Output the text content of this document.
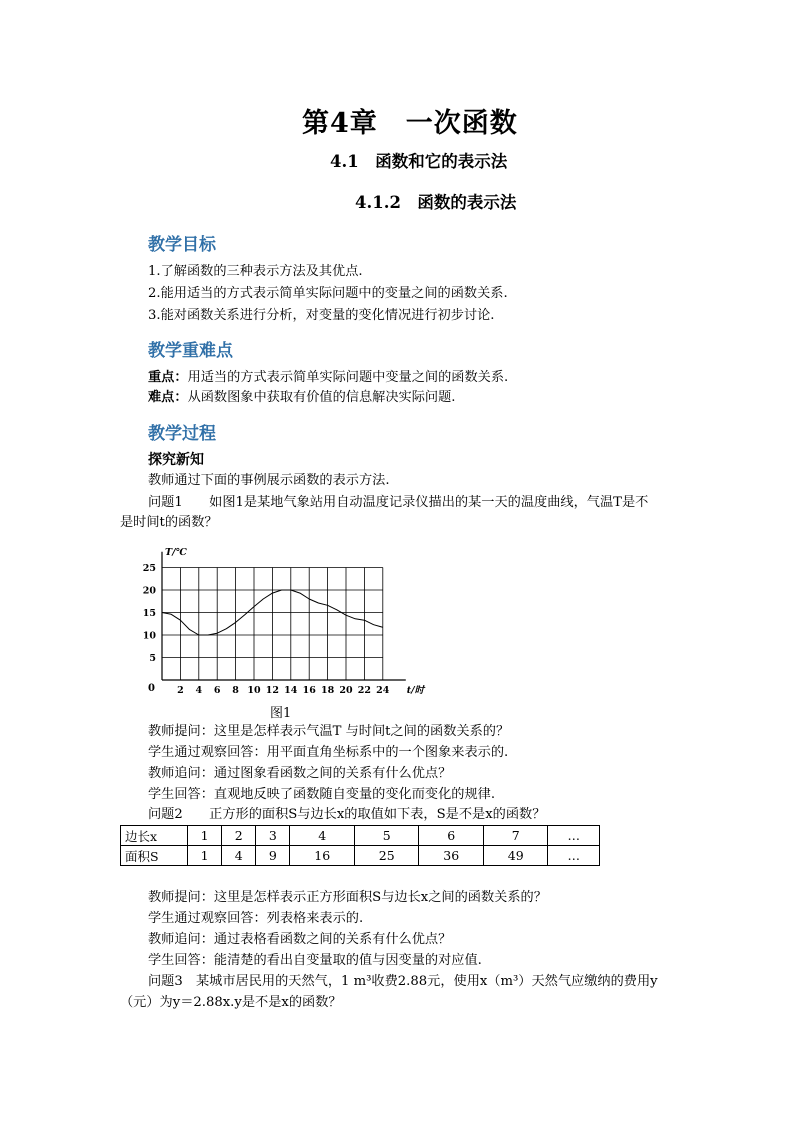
第4章　一次函数
4.1　函数和它的表示法
4.1.2　函数的表示法
教学目标
1.了解函数的三种表示方法及其优点.
2.能用适当的方式表示简单实际问题中的变量之间的函数关系.
3.能对函数关系进行分析，对变量的变化情况进行初步讨论.
教学重难点
重点：用适当的方式表示简单实际问题中变量之间的函数关系.
难点：从函数图象中获取有价值的信息解决实际问题.
教学过程
探究新知
教师通过下面的事例展示函数的表示方法.
问题1　　如图1是某地气象站用自动温度记录仪描出的某一天的温度曲线，气温T是不
是时间t的函数？
2 4 6 8 10 12 14 16 18 20 22 24
5
10
15
20
25
0	t/时
T/℃
图1
教师提问：这里是怎样表示气温T 与时间t之间的函数关系的？
学生通过观察回答：用平面直角坐标系中的一个图象来表示的.
教师追问：通过图象看函数之间的关系有什么优点？
学生回答：直观地反映了函数随自变量的变化而变化的规律.
问题2　　正方形的面积S与边长x的取值如下表，S是不是x的函数？
边长x	1	2	3	4	5	6	7	…
面积S	1	4	9	16	25	36	49	…
教师提问：这里是怎样表示正方形面积S与边长x之间的函数关系的？
学生通过观察回答：列表格来表示的.
教师追问：通过表格看函数之间的关系有什么优点？
学生回答：能清楚的看出自变量取的值与因变量的对应值.
问题3　某城市居民用的天然气，1 m³收费2.88元，使用x（m³）天然气应缴纳的费用y
（元）为y＝2.88x.y是不是x的函数？
